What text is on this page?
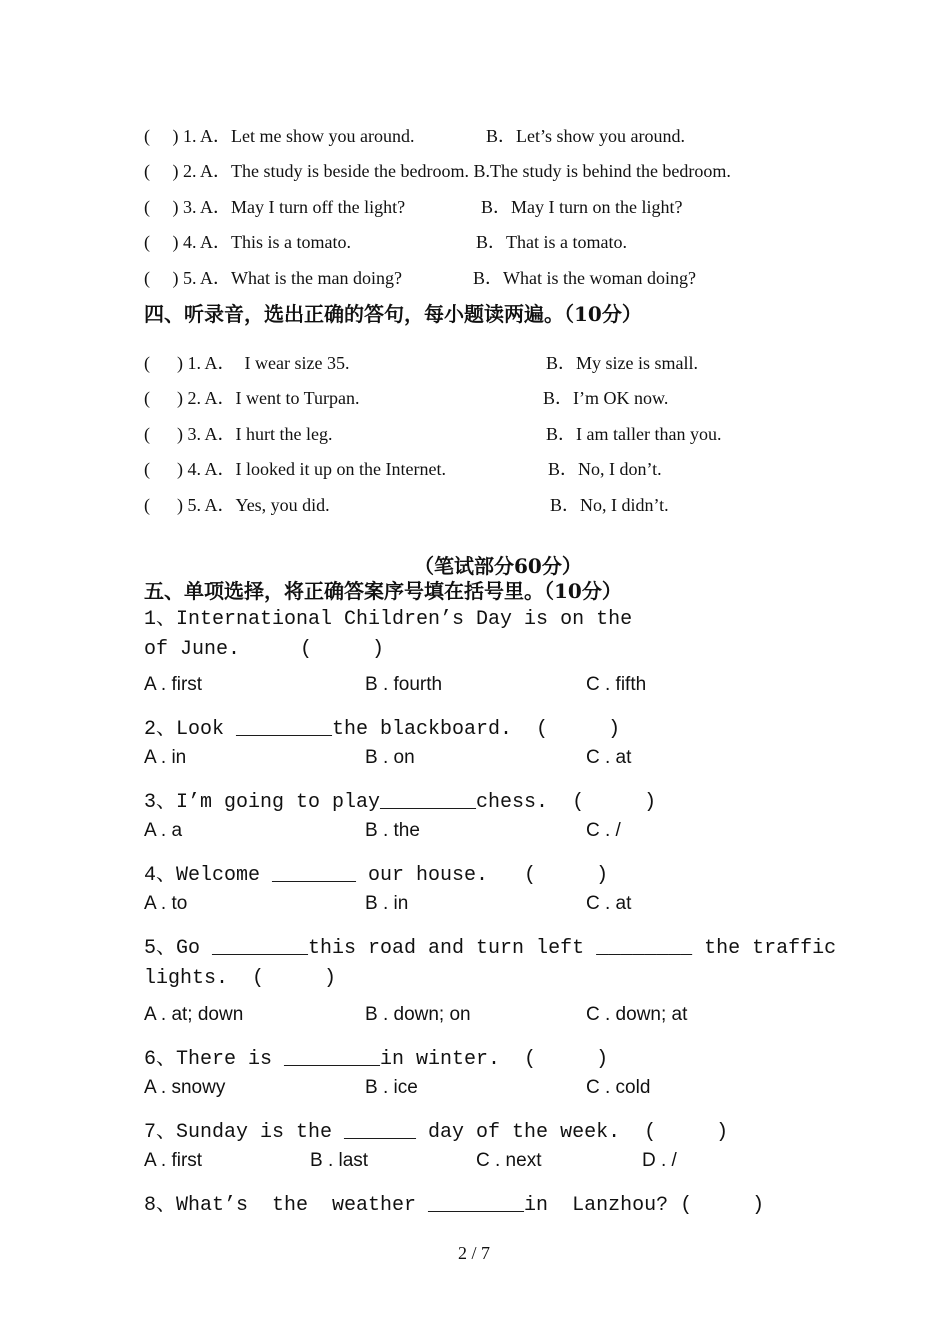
(     ) 1. A．Let me show you around.	B．Let’s show you around.
(     ) 2. A．The study is beside the bedroom. B.The study is behind the bedroom.
(     ) 3. A．May I turn off the light?	B．May I turn on the light?
(     ) 4. A．This is a tomato.	B．That is a tomato.
(     ) 5. A．What is the man doing?	B．What is the woman doing?
四、听录音，选出正确的答句，每小题读两遍。（10分）
(      ) 1. A．  I wear size 35.	B．My size is small.
(      ) 2. A．I went to Turpan.	B．I’m OK now.
(      ) 3. A．I hurt the leg.	B．I am taller than you.
(      ) 4. A．I looked it up on the Internet.	B．No, I don’t.
(      ) 5. A．Yes, you did.	B．No, I didn’t.
（笔试部分60分）
五、单项选择，将正确答案序号填在括号里。（10分）
1、International Children’s Day is on the
of June.     (     )
A . first	B . fourth	C . fifth
2、Look ________the blackboard.  (     )
A . in	B . on	C . at
3、I’m going to play________chess.  (     )
A . a	B . the	C . /
4、Welcome _______ our house.   (     )
A . to	B . in	C . at
5、Go ________this road and turn left ________ the traffic
lights.  (     )
A . at; down	B . down; on	C . down; at
6、There is ________in winter.  (     )
A . snowy	B . ice	C . cold
7、Sunday is the ______ day of the week.  (     )
A . first	B . last	C . next	D . /
8、What’s  the  weather ________in  Lanzhou? (     )
2 / 7
